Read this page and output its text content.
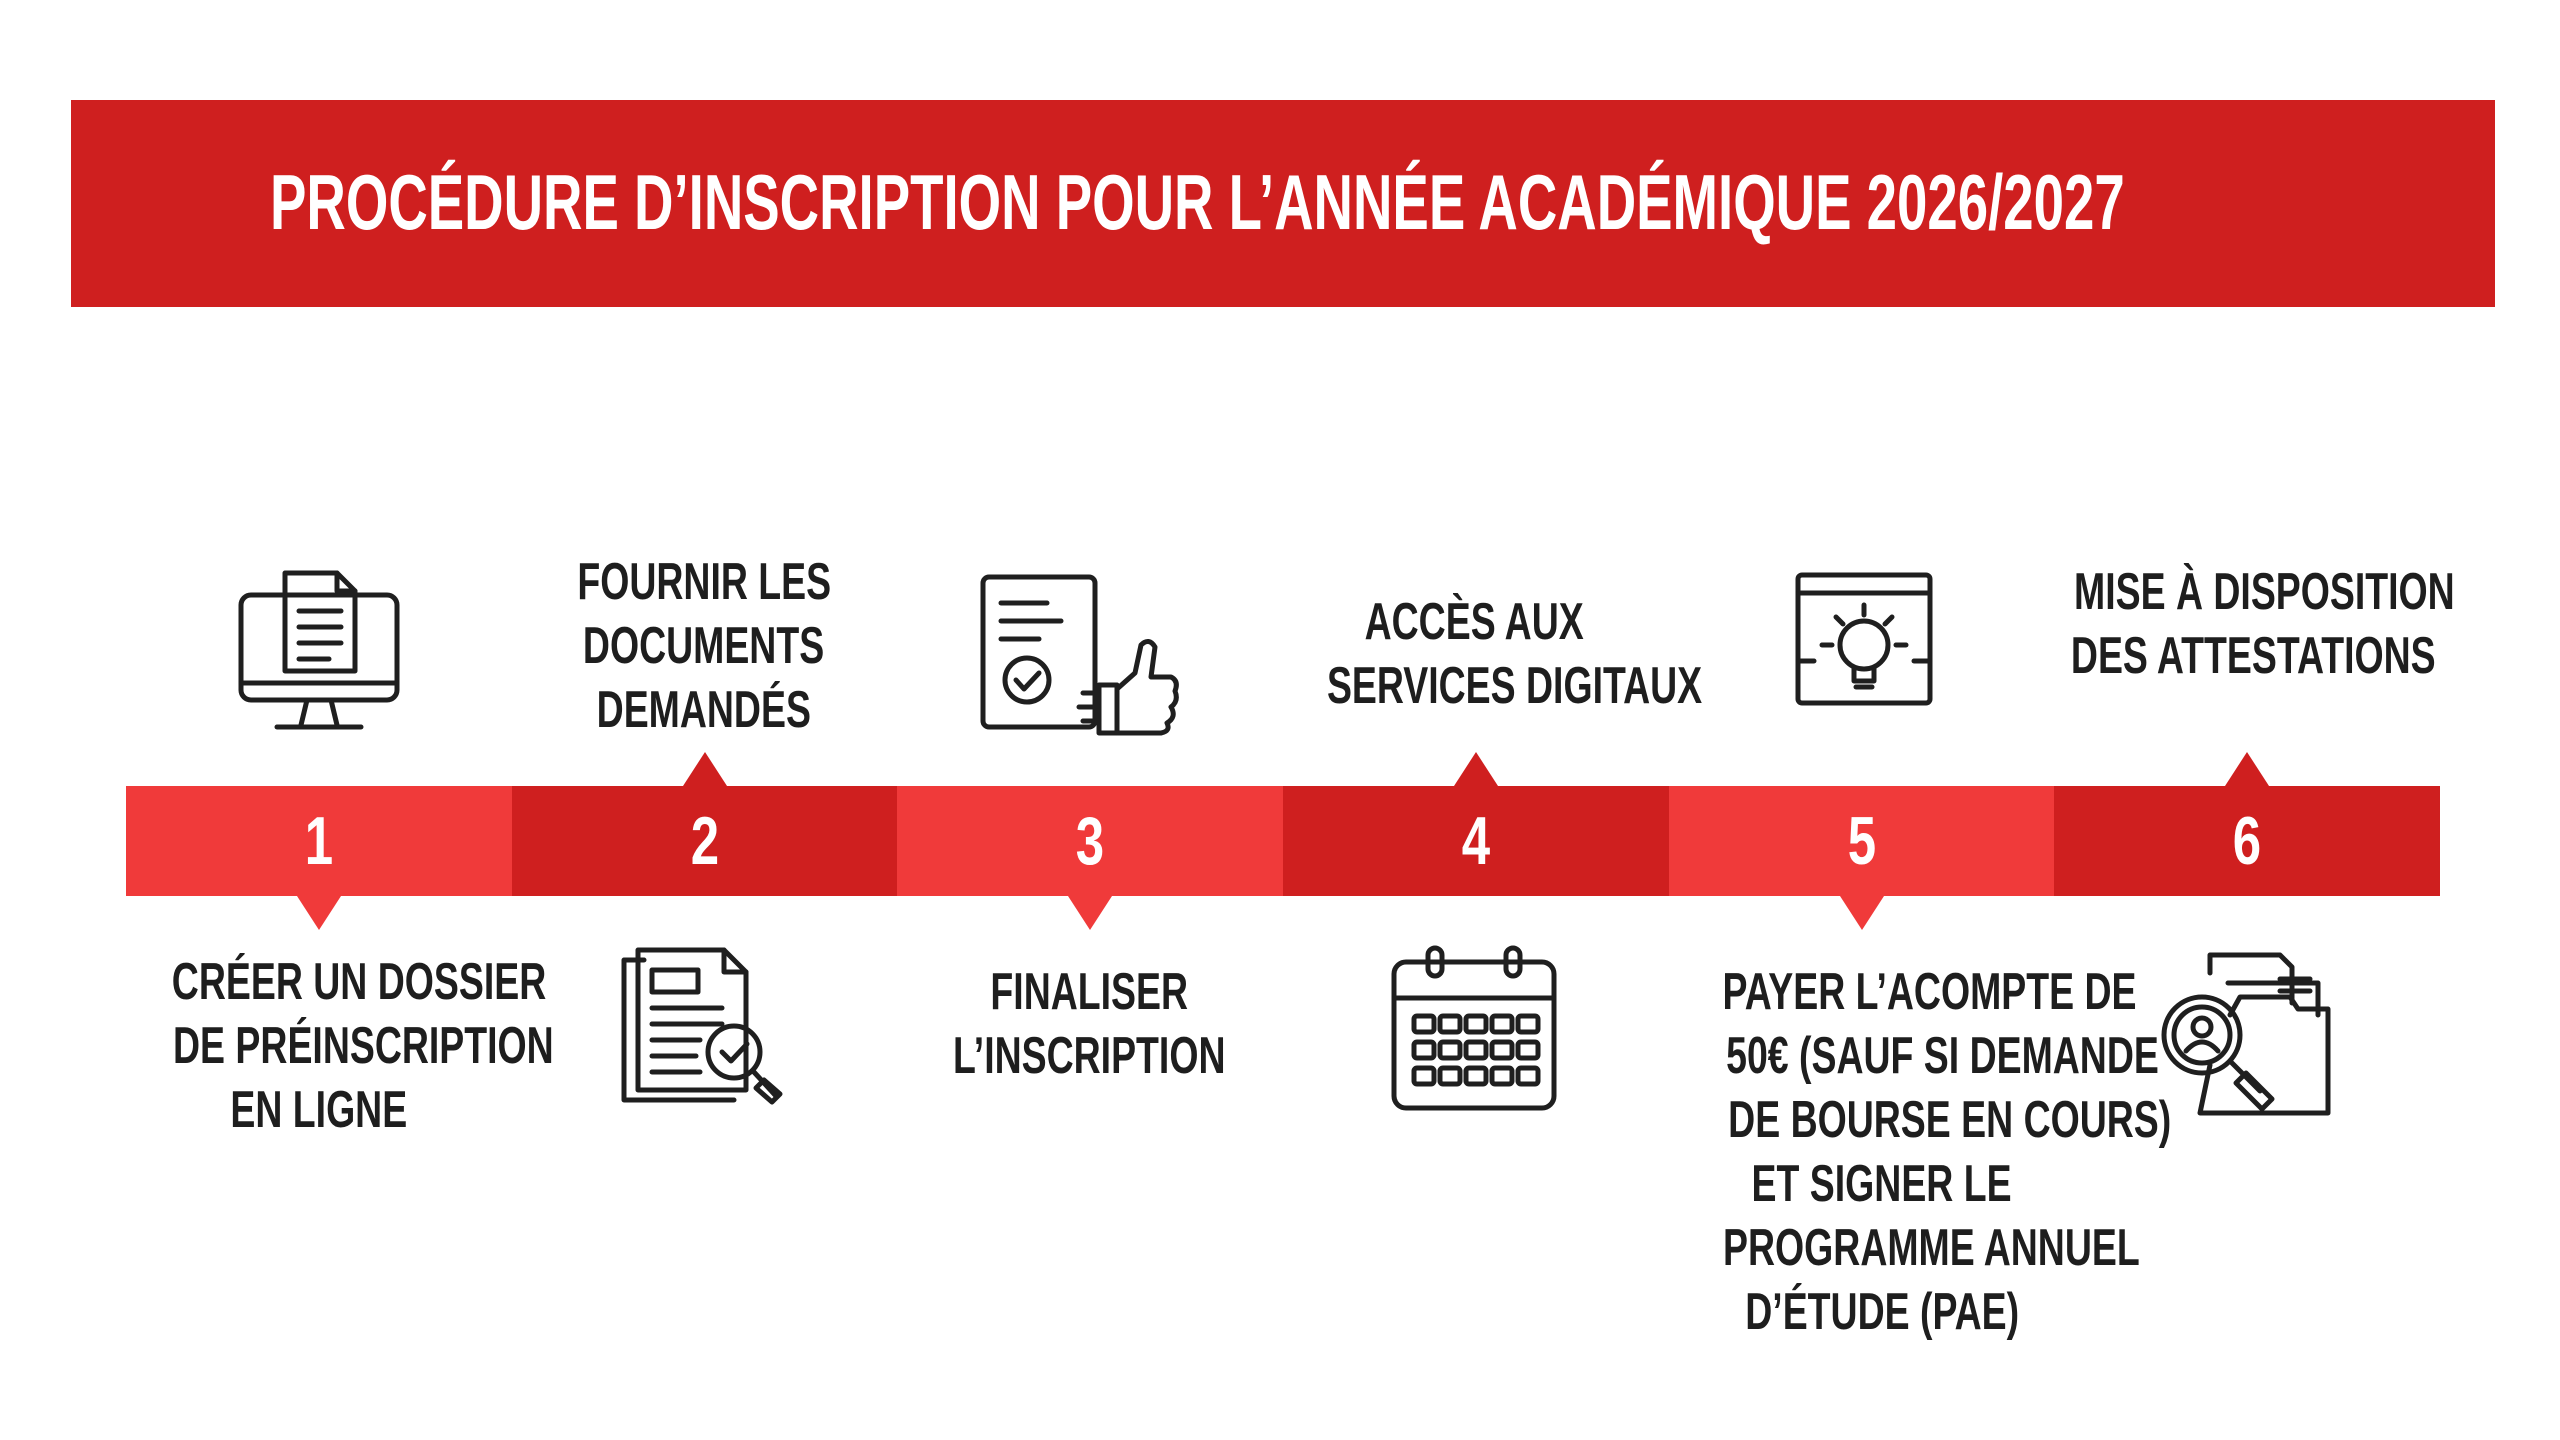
PROCÉDURE D’INSCRIPTION POUR L’ANNÉE ACADÉMIQUE 2026/2027
1	2	3	4	5	6
CRÉER UN DOSSIER
DE PRÉINSCRIPTION
EN LIGNE
FOURNIR LES
DOCUMENTS
DEMANDÉS
FINALISER
L’INSCRIPTION
ACCÈS AUX
SERVICES DIGITAUX
PAYER L’ACOMPTE DE
50€ (SAUF SI DEMANDE
DE BOURSE EN COURS)
ET SIGNER LE
PROGRAMME ANNUEL
D’ÉTUDE (PAE)
MISE À DISPOSITION
DES ATTESTATIONS
